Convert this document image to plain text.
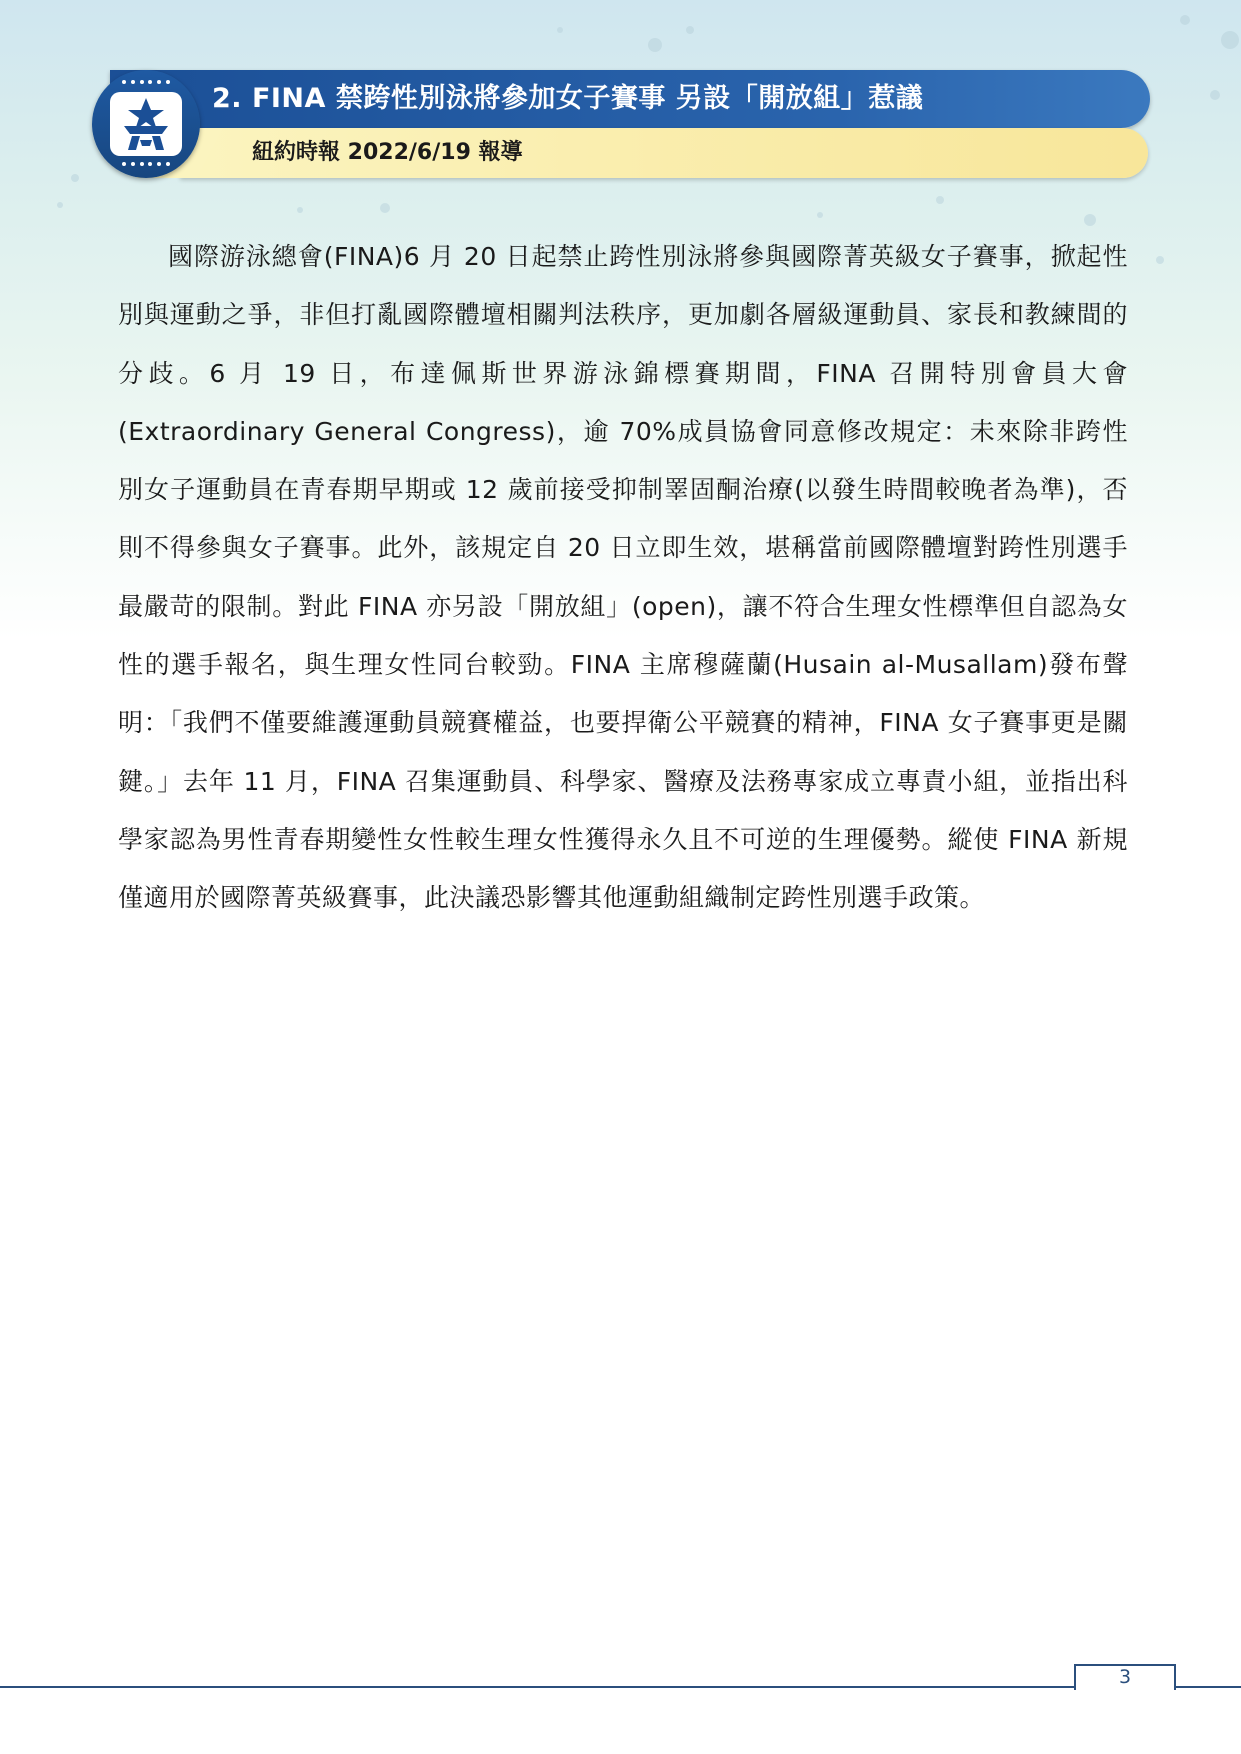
2. FINA 禁跨性別泳將參加女子賽事 另設「開放組」惹議
紐約時報 2022/6/19 報導

國際游泳總會(FINA)6 月 20 日起禁止跨性別泳將參與國際菁英級女子賽事，掀起性別與運動之爭，非但打亂國際體壇相關判法秩序，更加劇各層級運動員、家長和教練間的分歧。6 月 19 日，布達佩斯世界游泳錦標賽期間，FINA 召開特別會員大會(Extraordinary General Congress)，逾 70%成員協會同意修改規定：未來除非跨性別女子運動員在青春期早期或 12 歲前接受抑制睪固酮治療(以發生時間較晚者為準)，否則不得參與女子賽事。此外，該規定自 20 日立即生效，堪稱當前國際體壇對跨性別選手最嚴苛的限制。對此 FINA 亦另設「開放組」(open)，讓不符合生理女性標準但自認為女性的選手報名，與生理女性同台較勁。FINA 主席穆薩蘭(Husain al-Musallam)發布聲明：「我們不僅要維護運動員競賽權益，也要捍衛公平競賽的精神，FINA 女子賽事更是關鍵。」去年 11 月，FINA 召集運動員、科學家、醫療及法務專家成立專責小組，並指出科學家認為男性青春期變性女性較生理女性獲得永久且不可逆的生理優勢。縱使 FINA 新規僅適用於國際菁英級賽事，此決議恐影響其他運動組織制定跨性別選手政策。

3
